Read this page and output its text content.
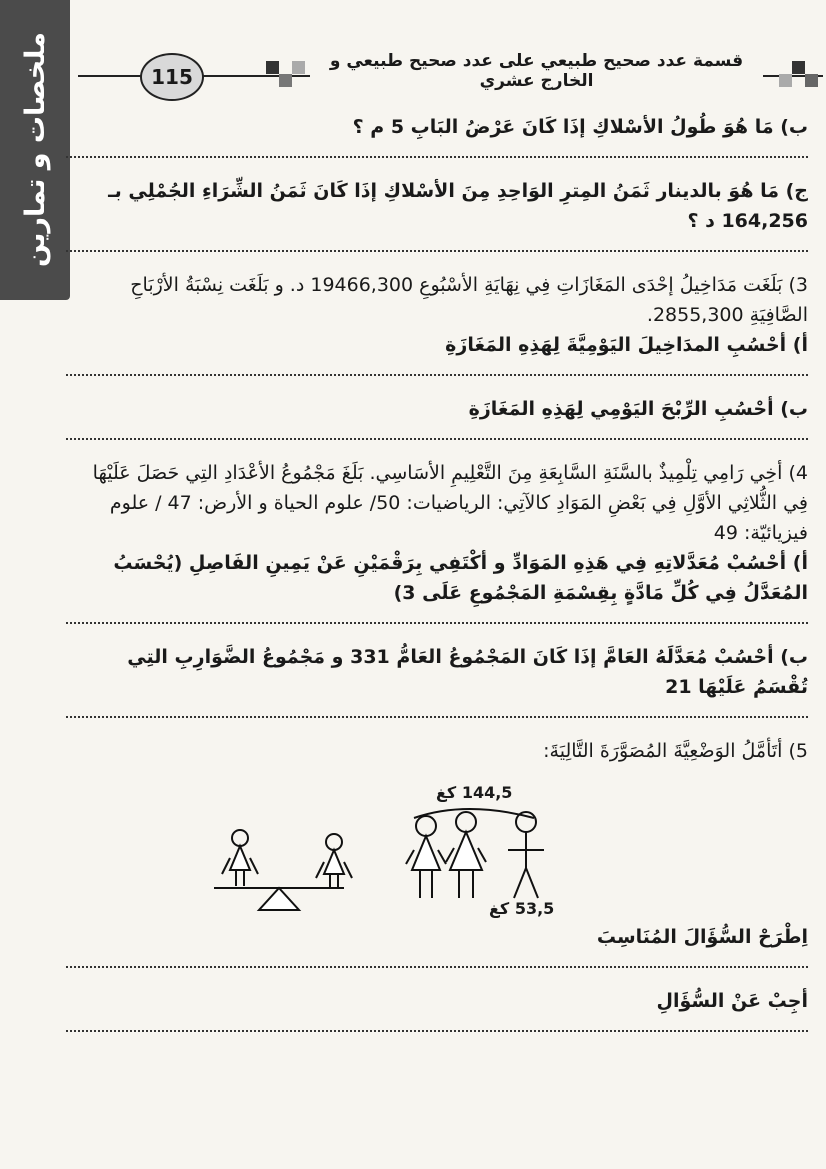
ملخصات و تمارين	115
قسمة عدد صحيح طبيعي على عدد صحيح طبيعي و الخارج عشري

ب) مَا هُوَ طُولُ الأسْلاكِ إذَا كَانَ عَرْضُ البَابِ 5 م ؟

ج) مَا هُوَ بالدينار ثَمَنُ المِترِ الوَاحِدِ مِنَ الأسْلاكِ إذَا كَانَ ثَمَنُ الشِّرَاءِ الجُمْلِي بـ 164,256 د ؟

3) بَلَغَت مَدَاخِيلُ إحْدَى المَغَازَاتِ فِي نِهَايَةِ الأسْبُوعِ 19466,300 د. و بَلَغَت نِسْبَةُ الأرْبَاحِ الصَّافِيَةِ 2855,300.

أ) أحْسُبِ المدَاخِيلَ اليَوْمِيَّةَ لِهَذِهِ المَغَازَةِ

ب) أحْسُبِ الرِّبْحَ اليَوْمِي لِهَذِهِ المَغَازَةِ

4) أخِي رَامِي تِلْمِيذٌ بالسَّنَةِ السَّابِعَةِ مِنَ التَّعْلِيمِ الأسَاسِي. بَلَغَ مَجْمُوعُ الأعْدَادِ التِي حَصَلَ عَلَيْهَا فِي الثُّلاثِي الأوَّلِ فِي بَعْضِ المَوَادِ كالآتِي: الرياضيات: 50/ علوم الحياة و الأرض: 47 / علوم فيزيائيّة: 49

أ) أحْسُبْ مُعَدَّلاتِهِ فِي هَذِهِ المَوَادِّ و أكْتَفِي بِرَقْمَيْنِ عَنْ يَمِينِ الفَاصِلِ (يُحْسَبُ المُعَدَّلُ فِي كُلِّ مَادَّةٍ بِقِسْمَةِ المَجْمُوعِ عَلَى 3)

ب) أحْسُبْ مُعَدَّلَهُ العَامَّ إذَا كَانَ المَجْمُوعُ العَامُّ 331 و مَجْمُوعُ الضَّوَارِبِ التِي تُقْسَمُ عَلَيْهَا 21

5) أتَأمَّلُ الوَضْعِيَّةَ المُصَوَّرَةَ التَّالِيَةَ:

144,5 كغ
53,5 كغ

اِطْرَحْ السُّؤَالَ المُنَاسِبَ

أجِبْ عَنْ السُّؤَالِ
